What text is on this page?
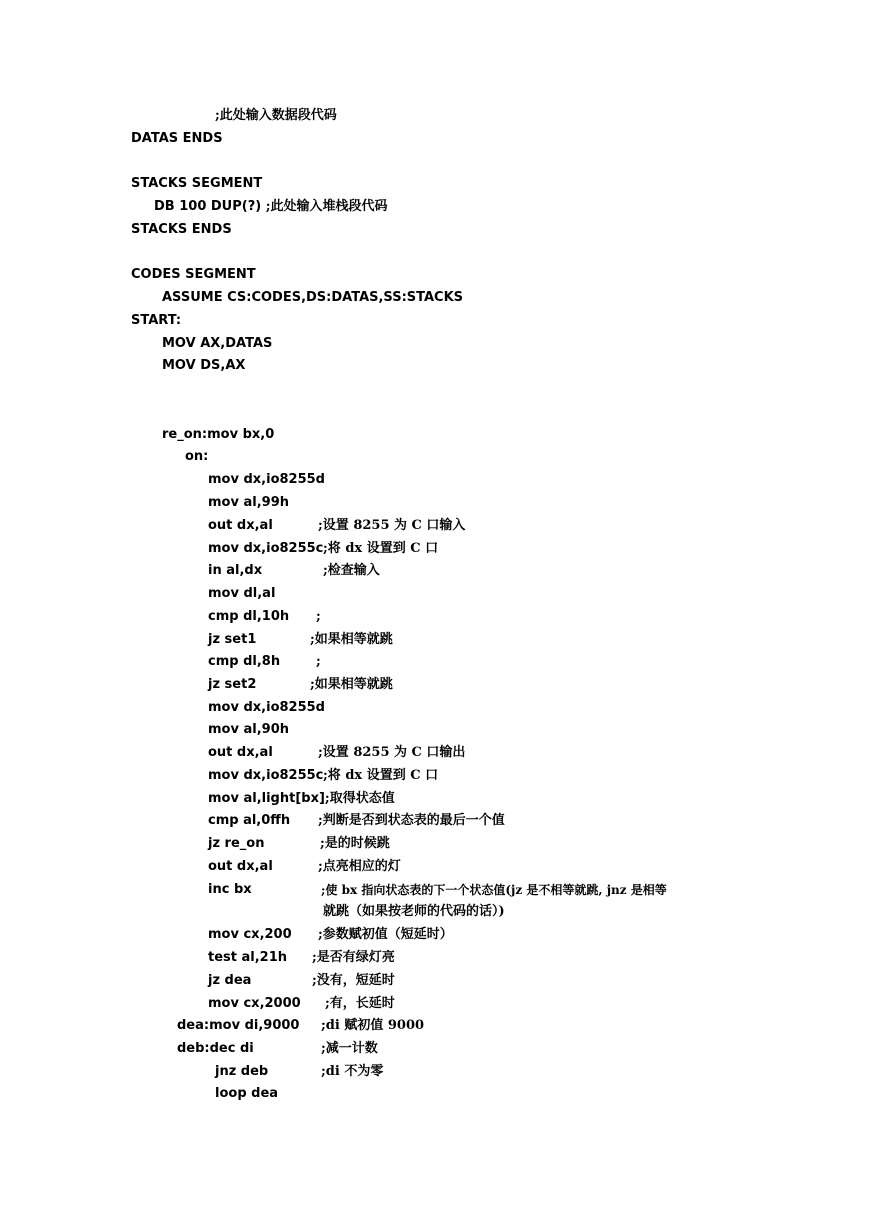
;此处输入数据段代码
DATAS ENDS
STACKS SEGMENT
DB 100 DUP(?) ;此处输入堆栈段代码
STACKS ENDS
CODES SEGMENT
ASSUME CS:CODES,DS:DATAS,SS:STACKS
START:
MOV AX,DATAS
MOV DS,AX
re_on:mov bx,0
on:
mov dx,io8255d
mov al,99h
out dx,al	;设置 8255 为 C 口输入
mov dx,io8255c ;将 dx 设置到 C 口
in al,dx	;检查输入
mov dl,al
cmp dl,10h ;
jz set1	;如果相等就跳
cmp dl,8h	;
jz set2	;如果相等就跳
mov dx,io8255d
mov al,90h
out dx,al	;设置 8255 为 C 口输出
mov dx,io8255c ;将 dx 设置到 C 口
mov al,light[bx];取得状态值
cmp al,0ffh ;判断是否到状态表的最后一个值
jz re_on	;是的时候跳
out dx,al	;点亮相应的灯
inc bx	;使 bx 指向状态表的下一个状态值(jz 是不相等就跳, jnz 是相等
就跳（如果按老师的代码的话）)
mov cx,200 ;参数赋初值（短延时）
test al,21h ;是否有绿灯亮
jz dea	;没有，短延时
mov cx,2000 ;有，长延时
dea:mov di,9000 ;di 赋初值 9000
deb:dec di	;减一计数
jnz deb	;di 不为零
loop dea
